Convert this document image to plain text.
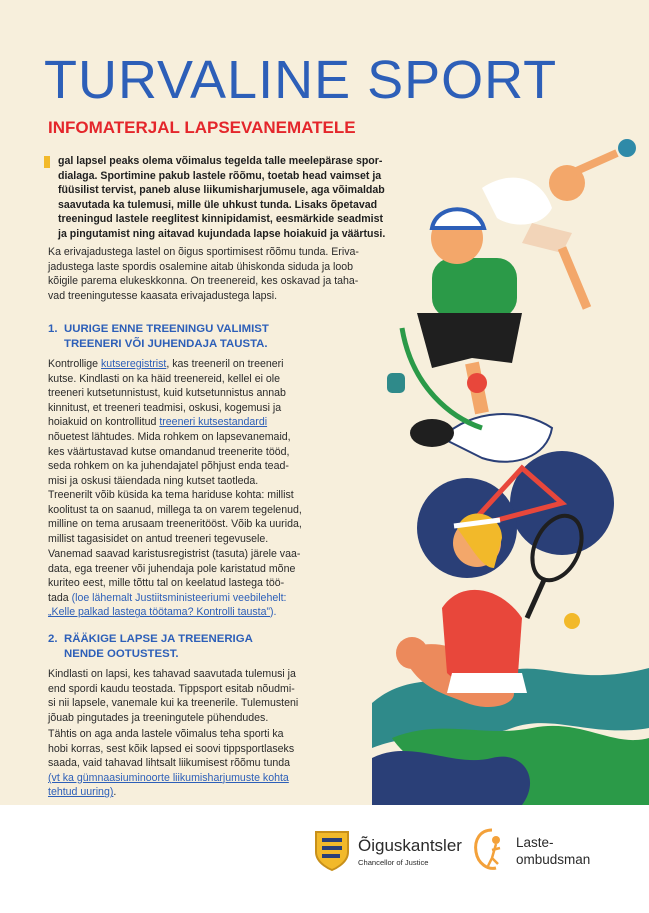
TURVALINE SPORT
INFOMATERJAL LAPSEVANEMATELE
gal lapsel peaks olema võimalus tegelda talle meelepärase spor-
dialaga. Sportimine pakub lastele rõõmu, toetab head vaimset ja
füüsilist tervist, paneb aluse liikumisharjumusele, aga võimaldab
saavutada ka tulemusi, mille üle uhkust tunda. Lisaks õpetavad
treeningud lastele reeglitest kinnipidamist, eesmärkide seadmist
ja pingutamist ning aitavad kujundada lapse hoiakuid ja väärtusi.
Ka erivajadustega lastel on õigus sportimisest rõõmu tunda. Eriva-
jadustega laste spordis osalemine aitab ühiskonda siduda ja loob
kõigile parema elukeskkonna. On treenereid, kes oskavad ja taha-
vad treeningutesse kaasata erivajadustega lapsi.
1. UURIGE ENNE TREENINGU VALIMIST
TREENERI VÕI JUHENDAJA TAUSTA.
Kontrollige kutseregistrist, kas treeneril on treeneri
kutse. Kindlasti on ka häid treenereid, kellel ei ole
treeneri kutsetunnistust, kuid kutsetunnistus annab
kinnitust, et treeneri teadmisi, oskusi, kogemusi ja
hoiakuid on kontrollitud treeneri kutsestandardi
nõuetest lähtudes. Mida rohkem on lapsevanemaid,
kes väärtustavad kutse omandanud treenerite tööd,
seda rohkem on ka juhendajatel põhjust enda tead-
misi ja oskusi täiendada ning kutset taotleda.
Treenerilt võib küsida ka tema hariduse kohta: millist
koolitust ta on saanud, millega ta on varem tegelenud,
milline on tema arusaam treeneritööst. Võib ka uurida,
millist tagasisidet on antud treeneri tegevusele.
Vanemad saavad karistusregistrist (tasuta) järele vaa-
data, ega treener või juhendaja pole karistatud mõne
kuriteo eest, mille tõttu tal on keelatud lastega töö-
tada (loe lähemalt Justiitsministeeriumi veebilehelt:
„Kelle palkad lastega töötama? Kontrolli tausta”).
2. RÄÄKIGE LAPSE JA TREENERIGA
NENDE OOTUSTEST.
Kindlasti on lapsi, kes tahavad saavutada tulemusi ja
end spordi kaudu teostada. Tippsport esitab nõudmi-
si nii lapsele, vanemale kui ka treenerile. Tulemusteni
jõuab pingutades ja treeningutele pühendudes.
Tähtis on aga anda lastele võimalus teha sporti ka
hobi korras, sest kõik lapsed ei soovi tippsportlaseks
saada, vaid tahavad lihtsalt liikumisest rõõmu tunda
(vt ka gümnaasiuminoorte liikumisharjumuste kohta
tehtud uuring).
Õiguskantsler
Chancellor of Justice
Laste-
ombudsman
